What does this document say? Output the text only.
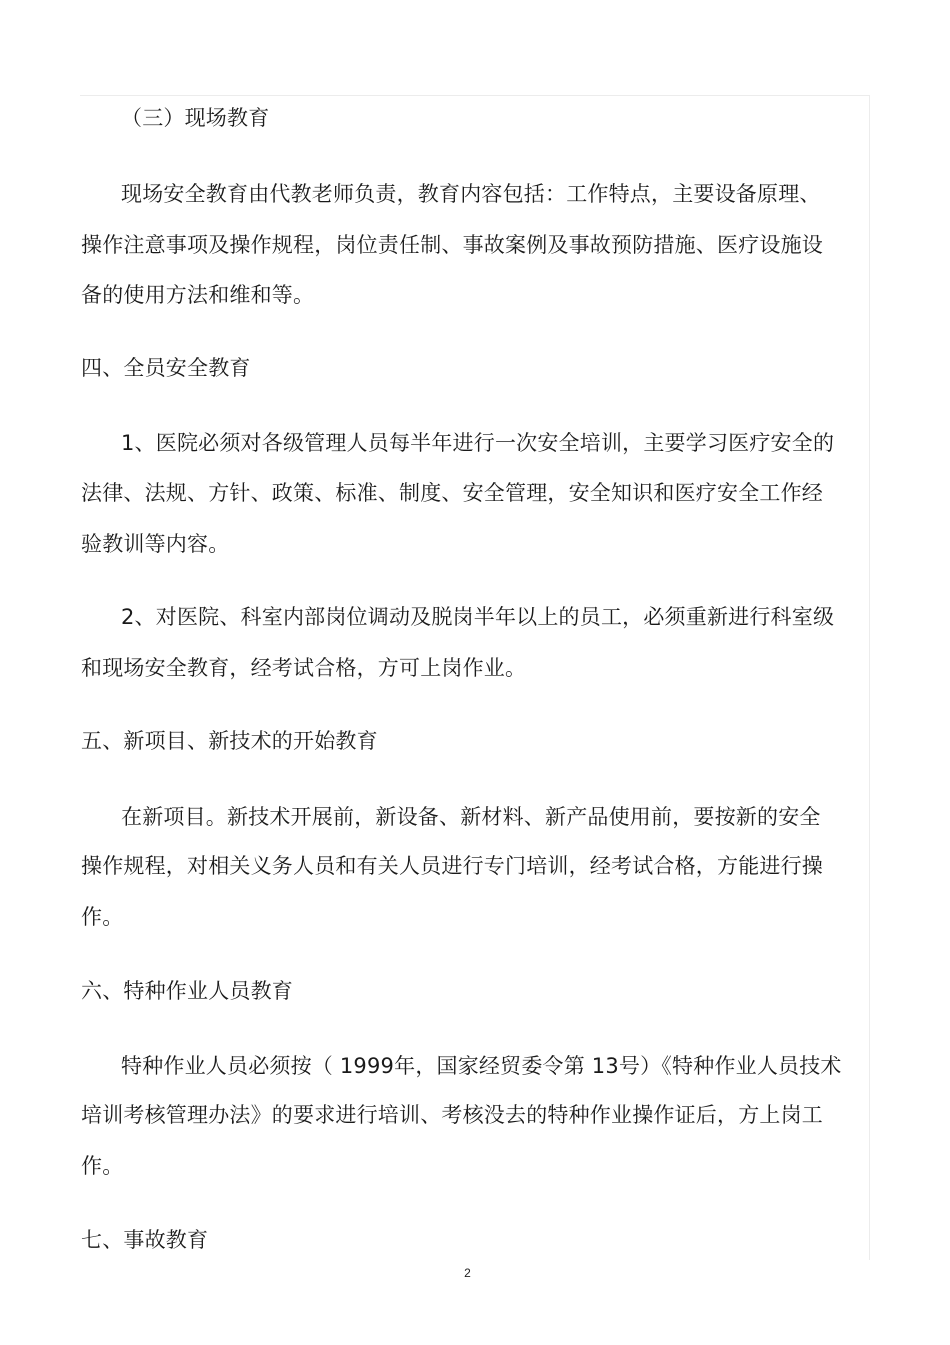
（三）现场教育
现场安全教育由代教老师负责，教育内容包括：工作特点，主要设备原理、
操作注意事项及操作规程，岗位责任制、事故案例及事故预防措施、医疗设施设
备的使用方法和维和等。
四、全员安全教育
1、医院必须对各级管理人员每半年进行一次安全培训，主要学习医疗安全的
法律、法规、方针、政策、标准、制度、安全管理，安全知识和医疗安全工作经
验教训等内容。
2、对医院、科室内部岗位调动及脱岗半年以上的员工，必须重新进行科室级
和现场安全教育，经考试合格，方可上岗作业。
五、新项目、新技术的开始教育
在新项目。新技术开展前，新设备、新材料、新产品使用前，要按新的安全
操作规程，对相关义务人员和有关人员进行专门培训，经考试合格，方能进行操
作。
六、特种作业人员教育
特种作业人员必须按（ 1999年，国家经贸委令第 13号）《特种作业人员技术
培训考核管理办法》的要求进行培训、考核没去的特种作业操作证后，方上岗工
作。
七、事故教育
2
